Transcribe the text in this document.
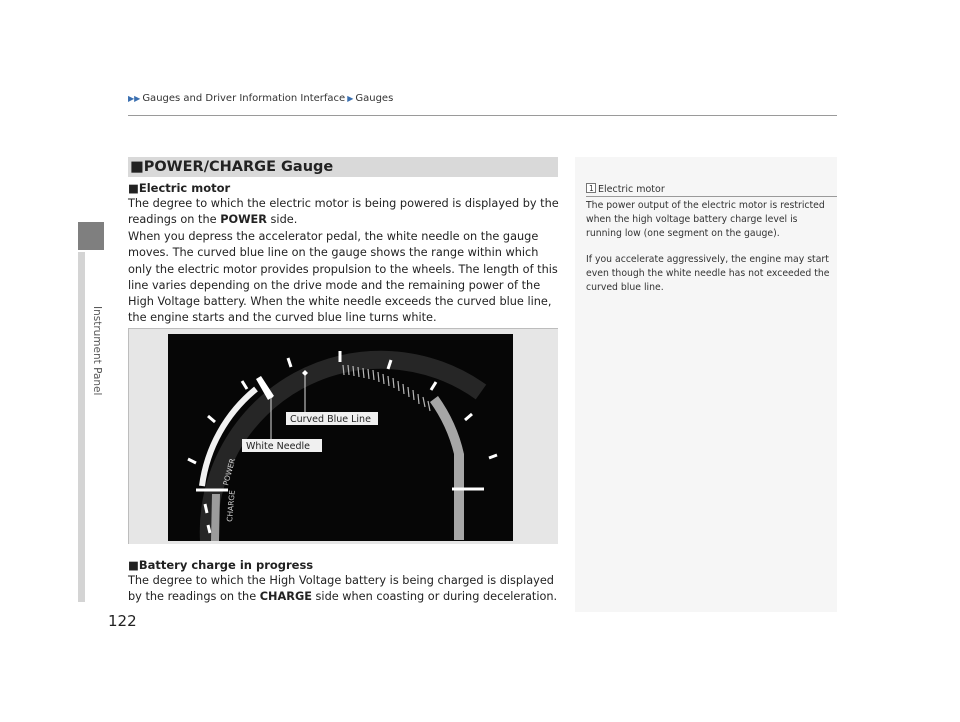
Instrument Panel
122
▶▶ Gauges and Driver Information Interface ▶ Gauges
■POWER/CHARGE Gauge
■Electric motor
The degree to which the electric motor is being powered is displayed by the readings on the POWER side.
When you depress the accelerator pedal, the white needle on the gauge moves. The curved blue line on the gauge shows the range within which only the electric motor provides propulsion to the wheels. The length of this line varies depending on the drive mode and the remaining power of the High Voltage battery. When the white needle exceeds the curved blue line, the engine starts and the curved blue line turns white.
Curved Blue Line
White Needle
POWER
CHARGE
■Battery charge in progress
The degree to which the High Voltage battery is being charged is displayed by the readings on the CHARGE side when coasting or during deceleration.
1 Electric motor
The power output of the electric motor is restricted when the high voltage battery charge level is running low (one segment on the gauge).
If you accelerate aggressively, the engine may start even though the white needle has not exceeded the curved blue line.
